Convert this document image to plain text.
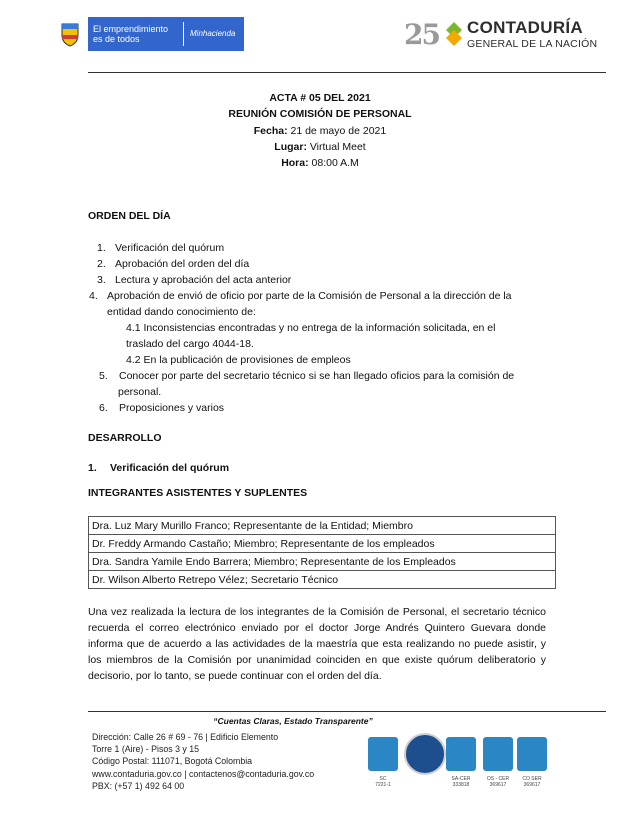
El emprendimiento
es de todos
Minhacienda	25 CONTADURÍA
GENERAL DE LA NACIÓN
ACTA # 05 DEL 2021
REUNIÓN COMISIÓN DE PERSONAL
Fecha: 21 de mayo de 2021
Lugar: Virtual Meet
Hora: 08:00 A.M
ORDEN DEL DÍA
1. Verificación del quórum
2. Aprobación del orden del día
3. Lectura y aprobación del acta anterior
4. Aprobación de envió de oficio por parte de la Comisión de Personal a la dirección de la
entidad dando conocimiento de:
4.1 Inconsistencias encontradas y no entrega de la información solicitada, en el
traslado del cargo 4044-18.
4.2 En la publicación de provisiones de empleos
5. Conocer por parte del secretario técnico si se han llegado oficios para la comisión de
personal.
6. Proposiciones y varios
DESARROLLO
1. Verificación del quórum
INTEGRANTES ASISTENTES Y SUPLENTES
Dra. Luz Mary Murillo Franco; Representante de la Entidad; Miembro
Dr. Freddy Armando Castaño; Miembro; Representante de los empleados
Dra. Sandra Yamile Endo Barrera; Miembro; Representante de los Empleados
Dr. Wilson Alberto Retrepo Vélez; Secretario Técnico
Una vez realizada la lectura de los integrantes de la Comisión de Personal, el secretario técnico recuerda el correo electrónico enviado por el doctor Jorge Andrés Quintero Guevara donde informa que de acuerdo a las actividades de la maestría que esta realizando no puede asistir, y los miembros de la Comisión por unanimidad coinciden en que existe quórum deliberatorio y decisorio, por lo tanto, se puede continuar con el orden del día.
“Cuentas Claras, Estado Transparente”
Dirección: Calle 26 # 69 - 76 | Edificio Elemento
Torre 1 (Aire) - Pisos 3 y 15
Código Postal: 111071, Bogotá Colombia
www.contaduria.gov.co | contactenos@contaduria.gov.co
PBX: (+57 1) 492 64 00
SC
7221-1
SA-CER
333818
OS - CER
369617
CO SER
369617
